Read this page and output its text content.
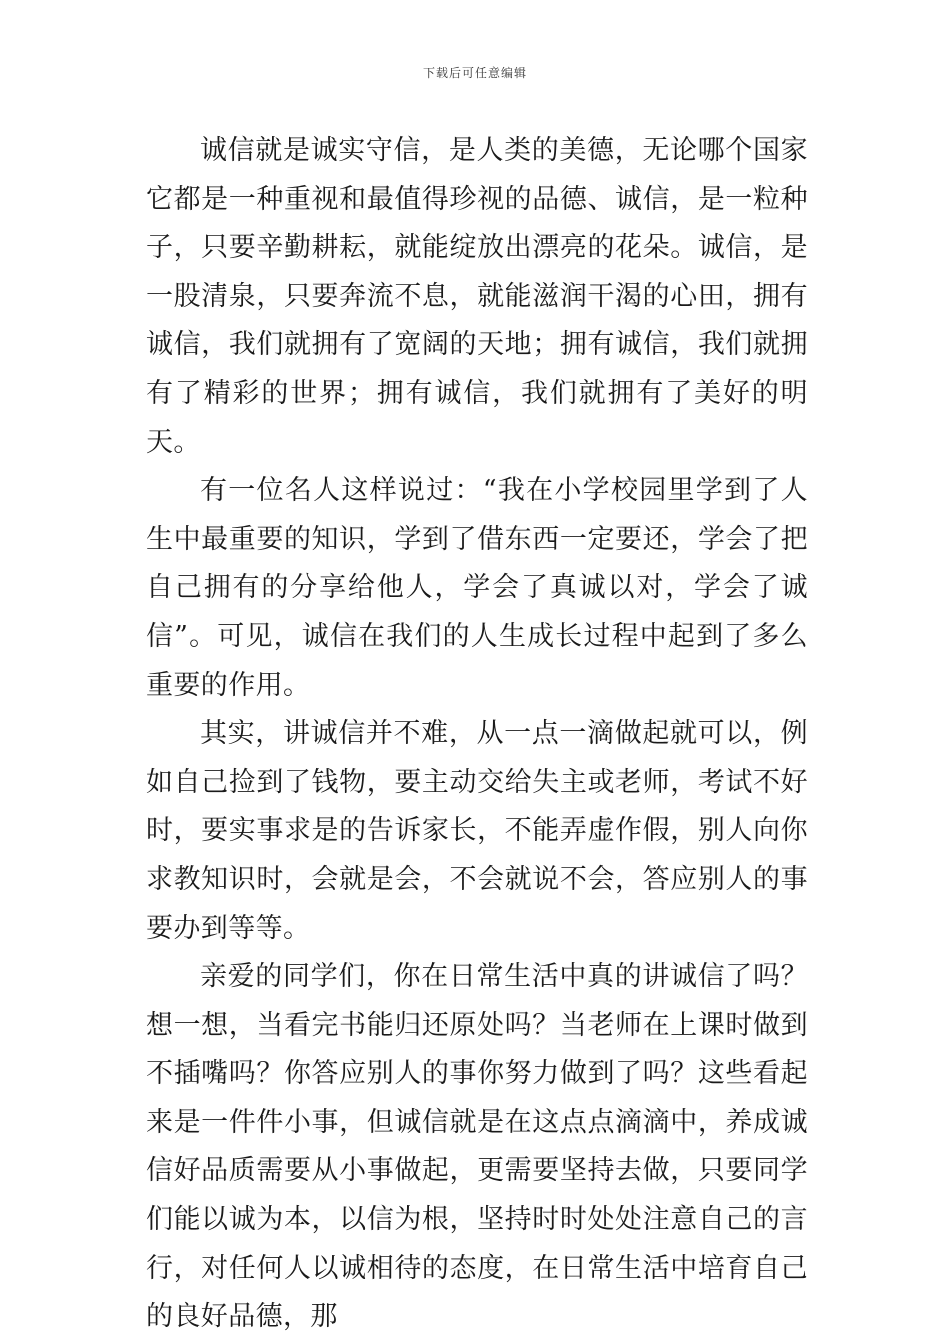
下载后可任意编辑

诚信就是诚实守信，是人类的美德，无论哪个国家它都是一种重视和最值得珍视的品德、诚信，是一粒种子，只要辛勤耕耘，就能绽放出漂亮的花朵。诚信，是一股清泉，只要奔流不息，就能滋润干渴的心田，拥有诚信，我们就拥有了宽阔的天地；拥有诚信，我们就拥有了精彩的世界；拥有诚信，我们就拥有了美好的明天。

有一位名人这样说过：“我在小学校园里学到了人生中最重要的知识，学到了借东西一定要还，学会了把自己拥有的分享给他人，学会了真诚以对，学会了诚信”。可见，诚信在我们的人生成长过程中起到了多么重要的作用。

其实，讲诚信并不难，从一点一滴做起就可以，例如自己捡到了钱物，要主动交给失主或老师，考试不好时，要实事求是的告诉家长，不能弄虚作假，别人向你求教知识时，会就是会，不会就说不会，答应别人的事要办到等等。

亲爱的同学们，你在日常生活中真的讲诚信了吗？想一想，当看完书能归还原处吗？当老师在上课时做到不插嘴吗？你答应别人的事你努力做到了吗？这些看起来是一件件小事，但诚信就是在这点点滴滴中，养成诚信好品质需要从小事做起，更需要坚持去做，只要同学们能以诚为本，以信为根，坚持时时处处注意自己的言行，对任何人以诚相待的态度，在日常生活中培育自己的良好品德，那
